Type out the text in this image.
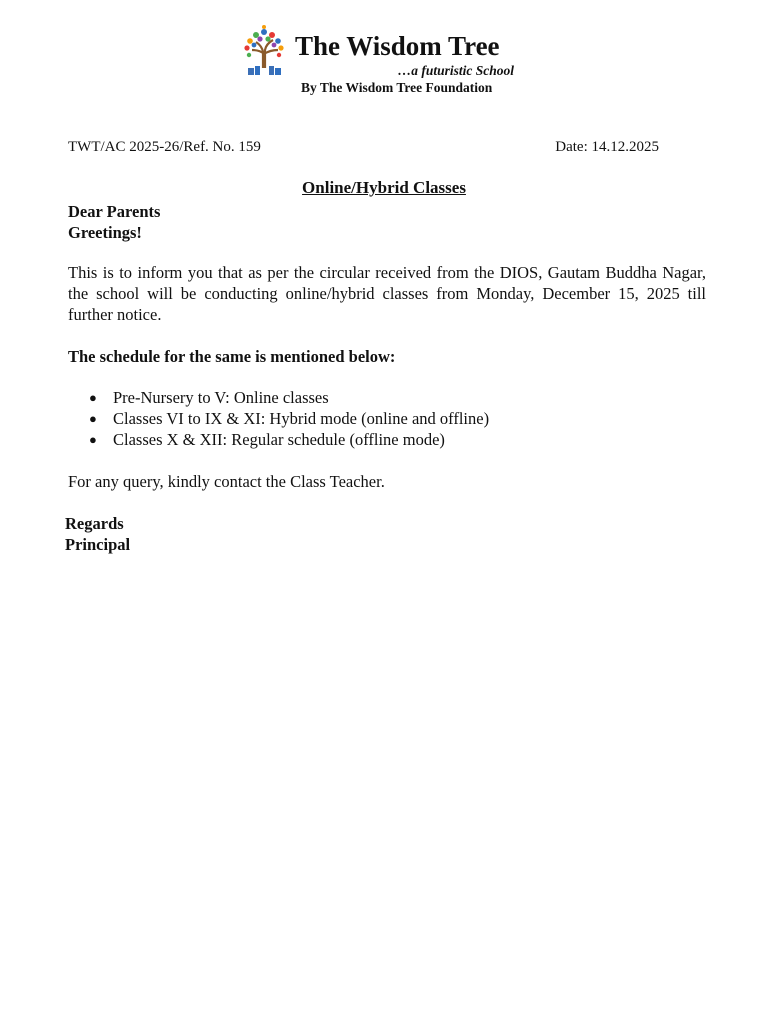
The Wisdom Tree
…a futuristic School
By The Wisdom Tree Foundation
TWT/AC 2025-26/Ref. No. 159	Date: 14.12.2025
Online/Hybrid Classes
Dear Parents
Greetings!

This is to inform you that as per the circular received from the DIOS, Gautam Buddha Nagar, the school will be conducting online/hybrid classes from Monday, December 15, 2025 till further notice.

The schedule for the same is mentioned below:
● Pre-Nursery to V: Online classes
● Classes VI to IX & XI: Hybrid mode (online and offline)
● Classes X & XII: Regular schedule (offline mode)
For any query, kindly contact the Class Teacher.
Regards
Principal
